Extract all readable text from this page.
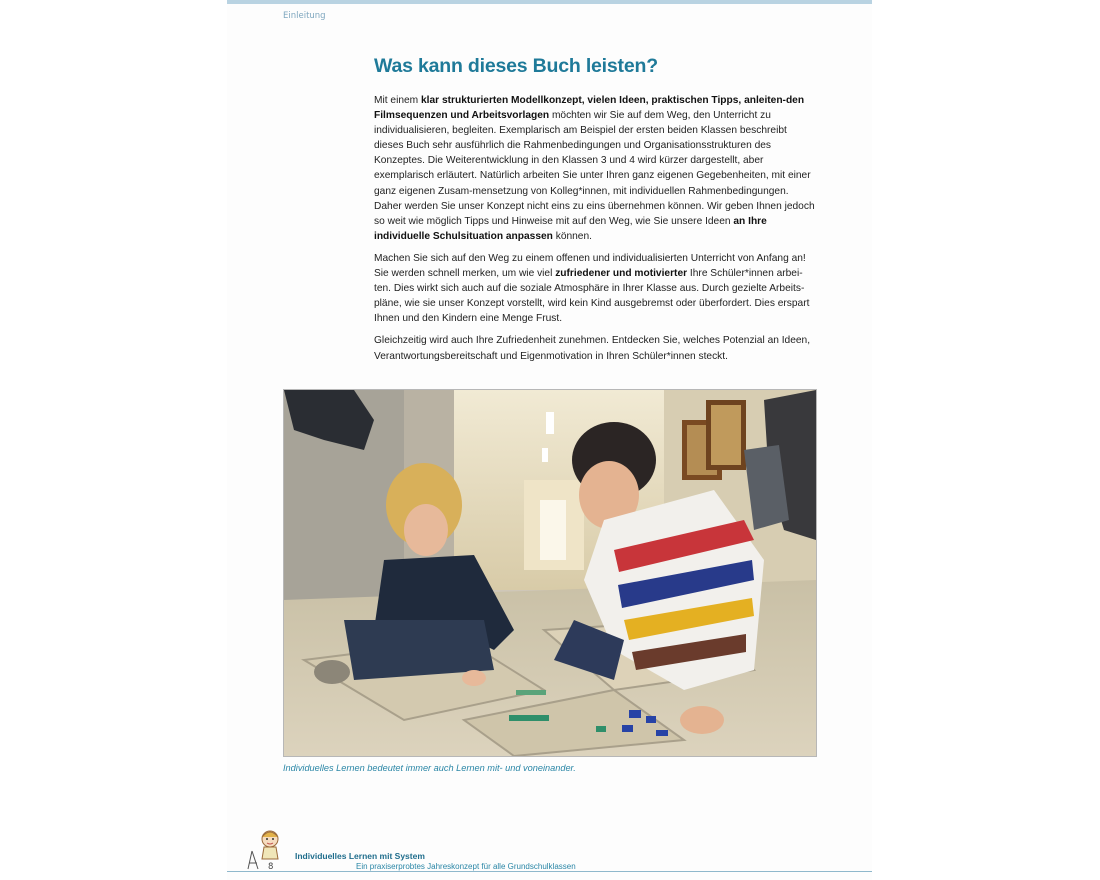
Einleitung
Was kann dieses Buch leisten?

Mit einem klar strukturierten Modellkonzept, vielen Ideen, praktischen Tipps, anleiten-den Filmsequenzen und Arbeitsvorlagen möchten wir Sie auf dem Weg, den Unterricht zu individualisieren, begleiten. Exemplarisch am Beispiel der ersten beiden Klassen beschreibt dieses Buch sehr ausführlich die Rahmenbedingungen und Organisationsstrukturen des Konzeptes. Die Weiterentwicklung in den Klassen 3 und 4 wird kürzer dargestellt, aber exemplarisch erläutert. Natürlich arbeiten Sie unter Ihren ganz eigenen Gegebenheiten, mit einer ganz eigenen Zusam-mensetzung von Kolleg*innen, mit individuellen Rahmenbedingungen. Daher werden Sie unser Konzept nicht eins zu eins übernehmen können. Wir geben Ihnen jedoch so weit wie möglich Tipps und Hinweise mit auf den Weg, wie Sie unsere Ideen an Ihre individuelle Schulsituation anpassen können.

Machen Sie sich auf den Weg zu einem offenen und individualisierten Unterricht von Anfang an! Sie werden schnell merken, um wie viel zufriedener und motivierter Ihre Schüler*innen arbei-ten. Dies wirkt sich auch auf die soziale Atmosphäre in Ihrer Klasse aus. Durch gezielte Arbeits-pläne, wie sie unser Konzept vorstellt, wird kein Kind ausgebremst oder überfordert. Dies erspart Ihnen und den Kindern eine Menge Frust.

Gleichzeitig wird auch Ihre Zufriedenheit zunehmen. Entdecken Sie, welches Potenzial an Ideen, Verantwortungsbereitschaft und Eigenmotivation in Ihren Schüler*innen steckt.

Individuelles Lernen bedeutet immer auch Lernen mit- und voneinander.
8
Individuelles Lernen mit System
Ein praxiserprobtes Jahreskonzept für alle Grundschulklassen
